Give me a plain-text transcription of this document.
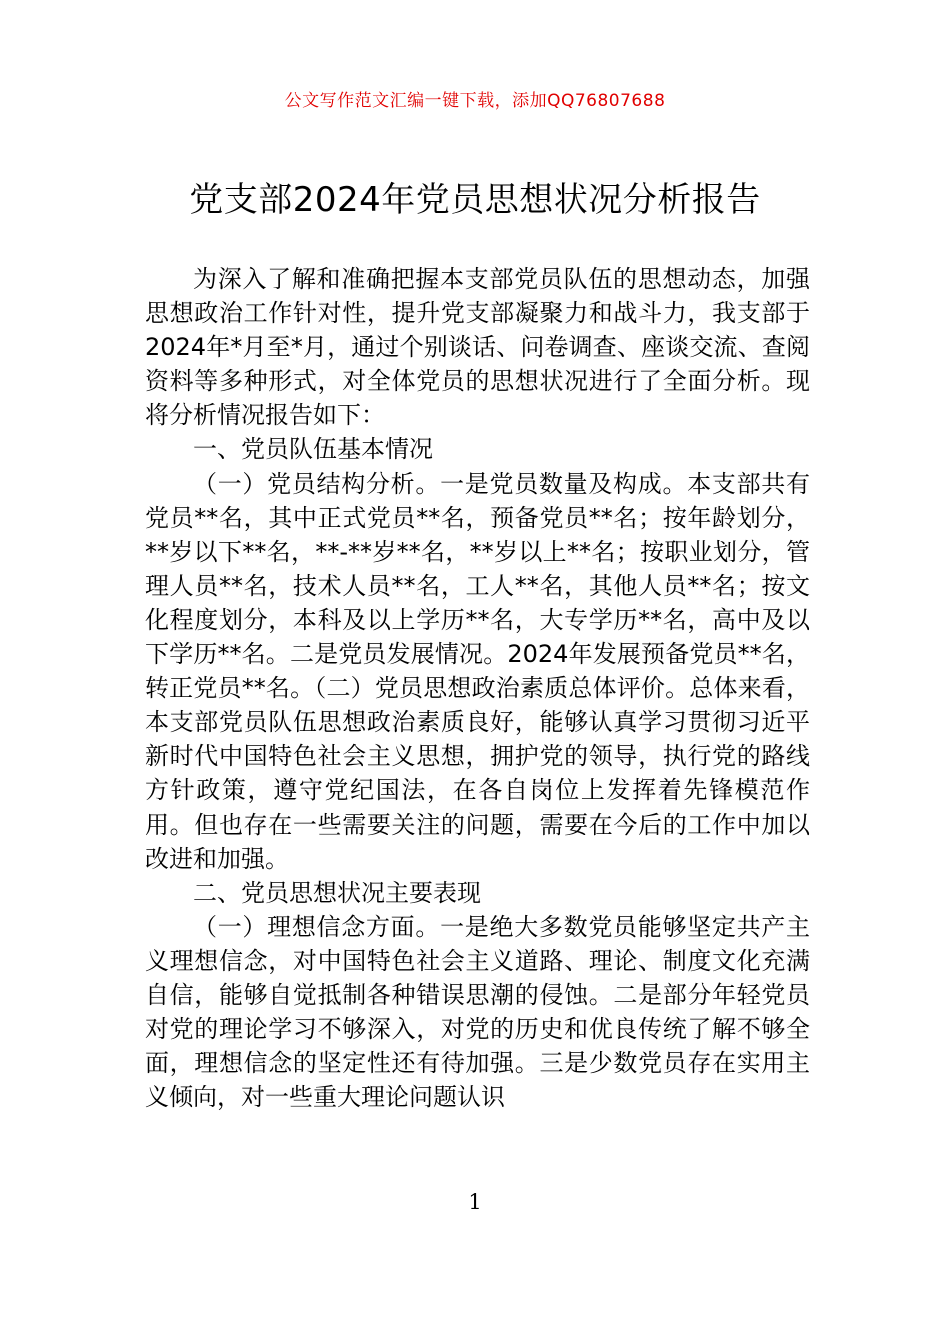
公文写作范文汇编一键下载，添加QQ76807688
党支部2024年党员思想状况分析报告

为深入了解和准确把握本支部党员队伍的思想动态，加强思想政治工作针对性，提升党支部凝聚力和战斗力，我支部于2024年*月至*月，通过个别谈话、问卷调查、座谈交流、查阅资料等多种形式，对全体党员的思想状况进行了全面分析。现将分析情况报告如下：

一、党员队伍基本情况

（一）党员结构分析。一是党员数量及构成。本支部共有党员**名，其中正式党员**名，预备党员**名；按年龄划分，**岁以下**名，**-**岁**名，**岁以上**名；按职业划分，管理人员**名，技术人员**名，工人**名，其他人员**名；按文化程度划分，本科及以上学历**名，大专学历**名，高中及以下学历**名。二是党员发展情况。2024年发展预备党员**名，转正党员**名。（二）党员思想政治素质总体评价。总体来看，本支部党员队伍思想政治素质良好，能够认真学习贯彻习近平新时代中国特色社会主义思想，拥护党的领导，执行党的路线方针政策，遵守党纪国法，在各自岗位上发挥着先锋模范作用。但也存在一些需要关注的问题，需要在今后的工作中加以改进和加强。

二、党员思想状况主要表现

（一）理想信念方面。一是绝大多数党员能够坚定共产主义理想信念，对中国特色社会主义道路、理论、制度文化充满自信，能够自觉抵制各种错误思潮的侵蚀。二是部分年轻党员对党的理论学习不够深入，对党的历史和优良传统了解不够全面，理想信念的坚定性还有待加强。三是少数党员存在实用主义倾向，对一些重大理论问题认识

1
